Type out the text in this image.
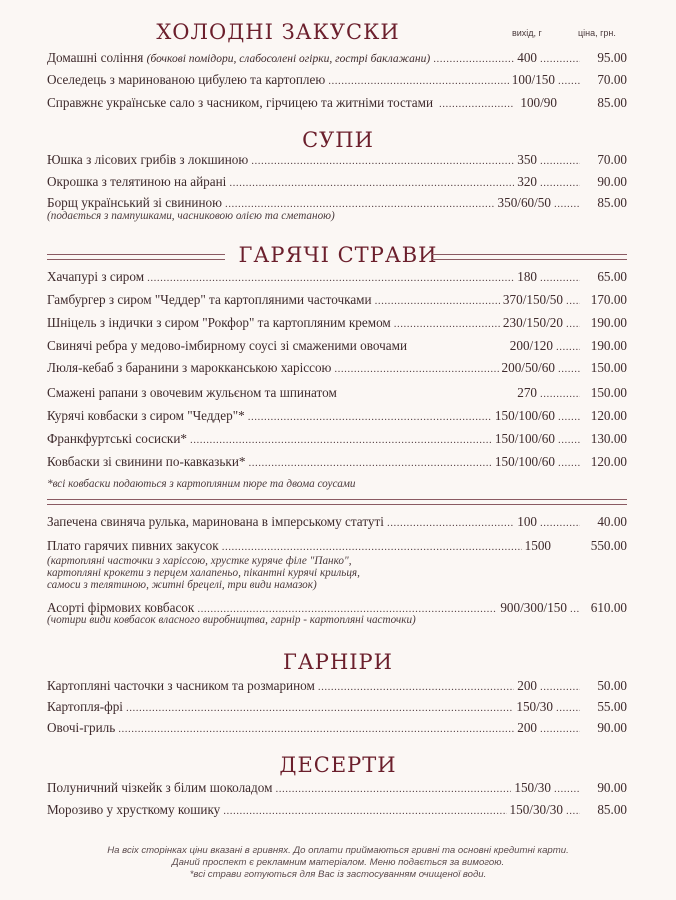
ХОЛОДНІ ЗАКУСКИ	вихід, г	ціна, грн.
Домашні соління (бочкові помідори, слабосолені огірки, гострі баклажани) .....	400 .....	95.00
Оселедець з маринованою цибулею та картоплею .....	100/150 .....	70.00
Справжнє українське сало з часником, гірчицею та житніми тостами .....	100/90	85.00
СУПИ
Юшка з лісових грибів з локшиною .....	350 .....	70.00
Окрошка з телятиною на айрані .....	320 .....	90.00
Борщ український зі свининою .....	350/60/50 .....	85.00
(подається з пампушками, часниковою олією та сметаною)
ГАРЯЧІ СТРАВИ
Хачапурі з сиром .....	180 .....	65.00
Гамбургер з сиром "Чеддер" та картопляними часточками .....	370/150/50 .....	170.00
Шніцель з індички з сиром "Рокфор" та картопляним кремом .....	230/150/20 .....	190.00
Свинячі ребра у медово-імбирному соусі зі смаженими овочами	200/120 .....	190.00
Люля-кебаб з баранини з марокканською харіссою .....	200/50/60 .....	150.00
Смажені рапани з овочевим жульєном та шпинатом	270 .....	150.00
Курячі ковбаски з сиром "Чеддер"* .....	150/100/60 .....	120.00
Франкфуртські сосиски* .....	150/100/60 .....	130.00
Ковбаски зі свинини по-кавказьки* .....	150/100/60 .....	120.00
*всі ковбаски подаються з картопляним пюре та двома соусами
Запечена свиняча рулька, маринована в імперському статуті .....	100 .....	40.00
Плато гарячих пивних закусок .....	1500	550.00
(картопляні часточки з харіссою, хрустке куряче філе "Панко",
картопляні крокети з перцем халапеньо, пікантні курячі крильця,
самоси з телятиною, житні брецелі, три види намазок)
Асорті фірмових ковбасок .....	900/300/150 .....	610.00
(чотири види ковбасок власного виробництва, гарнір - картопляні часточки)
ГАРНІРИ
Картопляні часточки з часником та розмарином .....	200 .....	50.00
Картопля-фрі .....	150/30 .....	55.00
Овочі-гриль .....	200 .....	90.00
ДЕСЕРТИ
Полуничний чізкейк з білим шоколадом .....	150/30 .....	90.00
Морозиво у хрусткому кошику .....	150/30/30 .....	85.00
На всіх сторінках ціни вказані в гривнях. До оплати приймаються гривні та основні кредитні карти.
Даний проспект є рекламним матеріалом. Меню подається за вимогою.
*всі страви готуються для Вас із застосуванням очищеної води.
